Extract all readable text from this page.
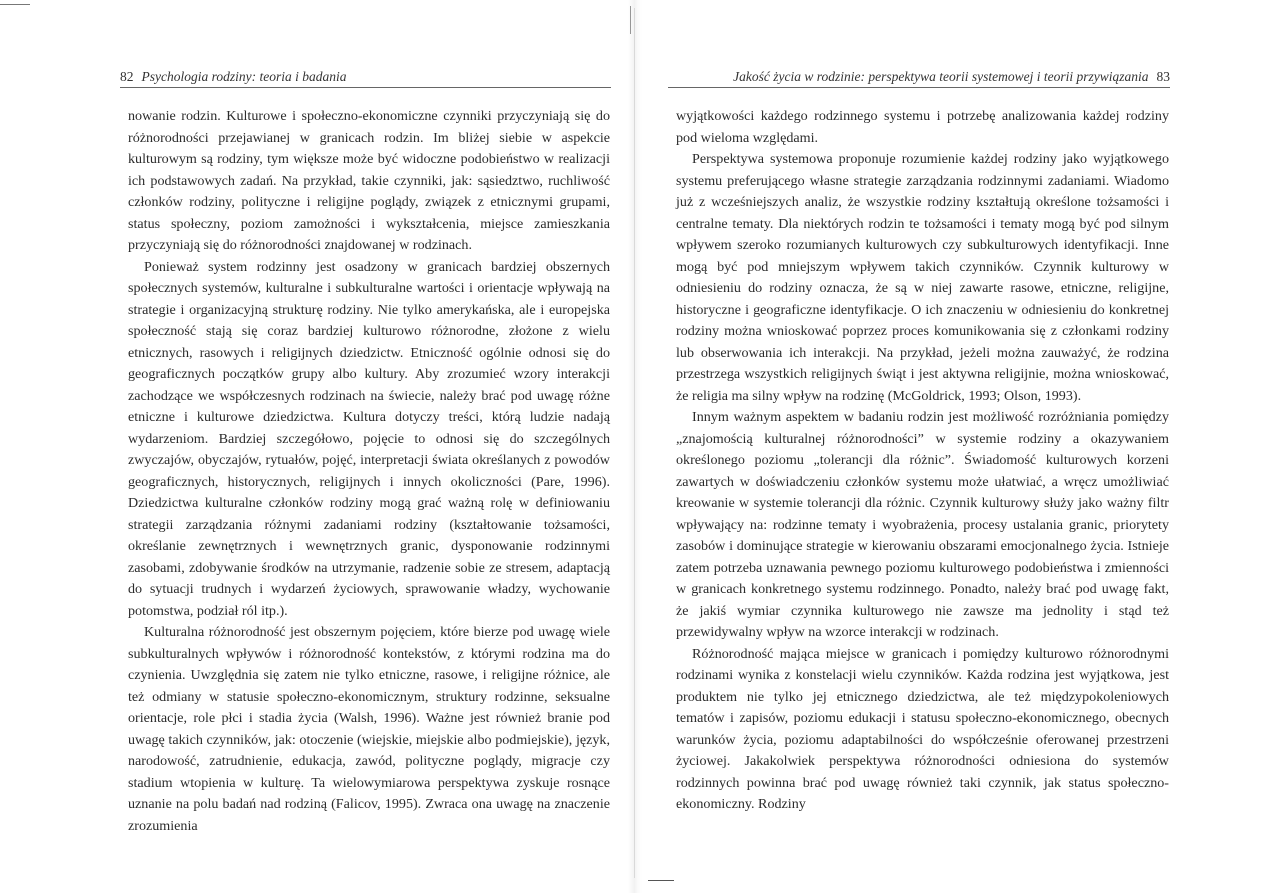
82 Psychologia rodziny: teoria i badania

nowanie rodzin. Kulturowe i społeczno-ekonomiczne czynniki przyczyniają się do różnorodności przejawianej w granicach rodzin. Im bliżej siebie w aspekcie kulturowym są rodziny, tym większe może być widoczne podobieństwo w realizacji ich podstawowych zadań. Na przykład, takie czynniki, jak: sąsiedztwo, ruchliwość członków rodziny, polityczne i religijne poglądy, związek z etnicznymi grupami, status społeczny, poziom zamożności i wykształcenia, miejsce zamieszkania przyczyniają się do różnorodności znajdowanej w rodzinach.

Ponieważ system rodzinny jest osadzony w granicach bardziej obszernych społecznych systemów, kulturalne i subkulturalne wartości i orientacje wpływają na strategie i organizacyjną strukturę rodziny. Nie tylko amerykańska, ale i europejska społeczność stają się coraz bardziej kulturowo różnorodne, złożone z wielu etnicznych, rasowych i religijnych dziedzictw. Etniczność ogólnie odnosi się do geograficznych początków grupy albo kultury. Aby zrozumieć wzory interakcji zachodzące we współczesnych rodzinach na świecie, należy brać pod uwagę różne etniczne i kulturowe dziedzictwa. Kultura dotyczy treści, którą ludzie nadają wydarzeniom. Bardziej szczegółowo, pojęcie to odnosi się do szczególnych zwyczajów, obyczajów, rytuałów, pojęć, interpretacji świata określanych z powodów geograficznych, historycznych, religijnych i innych okoliczności (Pare, 1996). Dziedzictwa kulturalne członków rodziny mogą grać ważną rolę w definiowaniu strategii zarządzania różnymi zadaniami rodziny (kształtowanie tożsamości, określanie zewnętrznych i wewnętrznych granic, dysponowanie rodzinnymi zasobami, zdobywanie środków na utrzymanie, radzenie sobie ze stresem, adaptacją do sytuacji trudnych i wydarzeń życiowych, sprawowanie władzy, wychowanie potomstwa, podział ról itp.).

Kulturalna różnorodność jest obszernym pojęciem, które bierze pod uwagę wiele subkulturalnych wpływów i różnorodność kontekstów, z którymi rodzina ma do czynienia. Uwzględnia się zatem nie tylko etniczne, rasowe, i religijne różnice, ale też odmiany w statusie społeczno-ekonomicznym, struktury rodzinne, seksualne orientacje, role płci i stadia życia (Walsh, 1996). Ważne jest również branie pod uwagę takich czynników, jak: otoczenie (wiejskie, miejskie albo podmiejskie), język, narodowość, zatrudnienie, edukacja, zawód, polityczne poglądy, migracje czy stadium wtopienia w kulturę. Ta wielowymiarowa perspektywa zyskuje rosnące uznanie na polu badań nad rodziną (Falicov, 1995). Zwraca ona uwagę na znaczenie zrozumienia

Jakość życia w rodzinie: perspektywa teorii systemowej i teorii przywiązania 83

wyjątkowości każdego rodzinnego systemu i potrzebę analizowania każdej rodziny pod wieloma względami.

Perspektywa systemowa proponuje rozumienie każdej rodziny jako wyjątkowego systemu preferującego własne strategie zarządzania rodzinnymi zadaniami. Wiadomo już z wcześniejszych analiz, że wszystkie rodziny kształtują określone tożsamości i centralne tematy. Dla niektórych rodzin te tożsamości i tematy mogą być pod silnym wpływem szeroko rozumianych kulturowych czy subkulturowych identyfikacji. Inne mogą być pod mniejszym wpływem takich czynników. Czynnik kulturowy w odniesieniu do rodziny oznacza, że są w niej zawarte rasowe, etniczne, religijne, historyczne i geograficzne identyfikacje. O ich znaczeniu w odniesieniu do konkretnej rodziny można wnioskować poprzez proces komunikowania się z członkami rodziny lub obserwowania ich interakcji. Na przykład, jeżeli można zauważyć, że rodzina przestrzega wszystkich religijnych świąt i jest aktywna religijnie, można wnioskować, że religia ma silny wpływ na rodzinę (McGoldrick, 1993; Olson, 1993).

Innym ważnym aspektem w badaniu rodzin jest możliwość rozróżniania pomiędzy „znajomością kulturalnej różnorodności” w systemie rodziny a okazywaniem określonego poziomu „tolerancji dla różnic”. Świadomość kulturowych korzeni zawartych w doświadczeniu członków systemu może ułatwiać, a wręcz umożliwiać kreowanie w systemie tolerancji dla różnic. Czynnik kulturowy służy jako ważny filtr wpływający na: rodzinne tematy i wyobrażenia, procesy ustalania granic, priorytety zasobów i dominujące strategie w kierowaniu obszarami emocjonalnego życia. Istnieje zatem potrzeba uznawania pewnego poziomu kulturowego podobieństwa i zmienności w granicach konkretnego systemu rodzinnego. Ponadto, należy brać pod uwagę fakt, że jakiś wymiar czynnika kulturowego nie zawsze ma jednolity i stąd też przewidywalny wpływ na wzorce interakcji w rodzinach.

Różnorodność mająca miejsce w granicach i pomiędzy kulturowo różnorodnymi rodzinami wynika z konstelacji wielu czynników. Każda rodzina jest wyjątkowa, jest produktem nie tylko jej etnicznego dziedzictwa, ale też międzypokoleniowych tematów i zapisów, poziomu edukacji i statusu społeczno-ekonomicznego, obecnych warunków życia, poziomu adaptabilności do współcześnie oferowanej przestrzeni życiowej. Jakakolwiek perspektywa różnorodności odniesiona do systemów rodzinnych powinna brać pod uwagę również taki czynnik, jak status społeczno-ekonomiczny. Rodziny
